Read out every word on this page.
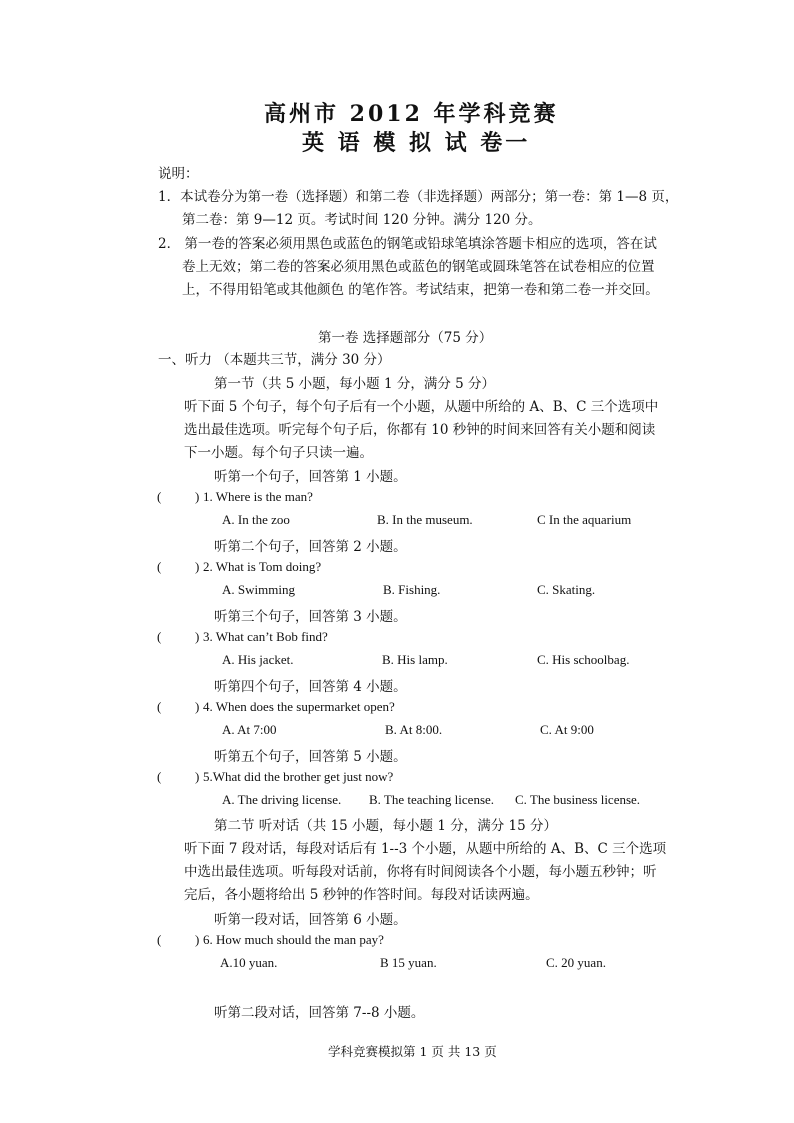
高州市 2012 年学科竞赛
英 语 模 拟 试 卷一
说明：
1．本试卷分为第一卷（选择题）和第二卷（非选择题）两部分；第一卷：第 1—8 页，
第二卷：第 9—12 页。考试时间 120 分钟。满分 120 分。
2． 第一卷的答案必须用黑色或蓝色的钢笔或铅球笔填涂答题卡相应的选项，答在试
卷上无效；第二卷的答案必须用黑色或蓝色的钢笔或圆珠笔答在试卷相应的位置
上，不得用铅笔或其他颜色 的笔作答。考试结束，把第一卷和第二卷一并交回。
第一卷 选择题部分（75 分）
一、听力 （本题共三节，满分 30 分）
第一节（共 5 小题，每小题 1 分，满分 5 分）
听下面 5 个句子，每个句子后有一个小题，从题中所给的 A、B、C 三个选项中
选出最佳选项。听完每个句子后，你都有 10 秒钟的时间来回答有关小题和阅读
下一小题。每个句子只读一遍。
听第一个句子，回答第 1 小题。
(	) 1. Where is the man?
A. In the zoo	B. In the museum.	C In the aquarium
听第二个句子，回答第 2 小题。
(	) 2. What is Tom doing?
A. Swimming	B. Fishing.	C. Skating.
听第三个句子，回答第 3 小题。
(	) 3. What can’t Bob find?
A. His jacket.	B. His lamp.	C. His schoolbag.
听第四个句子，回答第 4 小题。
(	) 4. When does the supermarket open?
A. At 7:00	B. At 8:00.	C. At 9:00
听第五个句子，回答第 5 小题。
(	) 5.What did the brother get just now?
A. The driving license. B. The teaching license. C. The business license.
第二节 听对话（共 15 小题，每小题 1 分，满分 15 分）
听下面 7 段对话，每段对话后有 1--3 个小题，从题中所给的 A、B、C 三个选项
中选出最佳选项。听每段对话前，你将有时间阅读各个小题，每小题五秒钟；听
完后，各小题将给出 5 秒钟的作答时间。每段对话读两遍。
听第一段对话，回答第 6 小题。
(	) 6. How much should the man pay?
A.10 yuan.	B 15 yuan.	C. 20 yuan.
听第二段对话，回答第 7--8 小题。
学科竞赛模拟第 1 页 共 13 页
